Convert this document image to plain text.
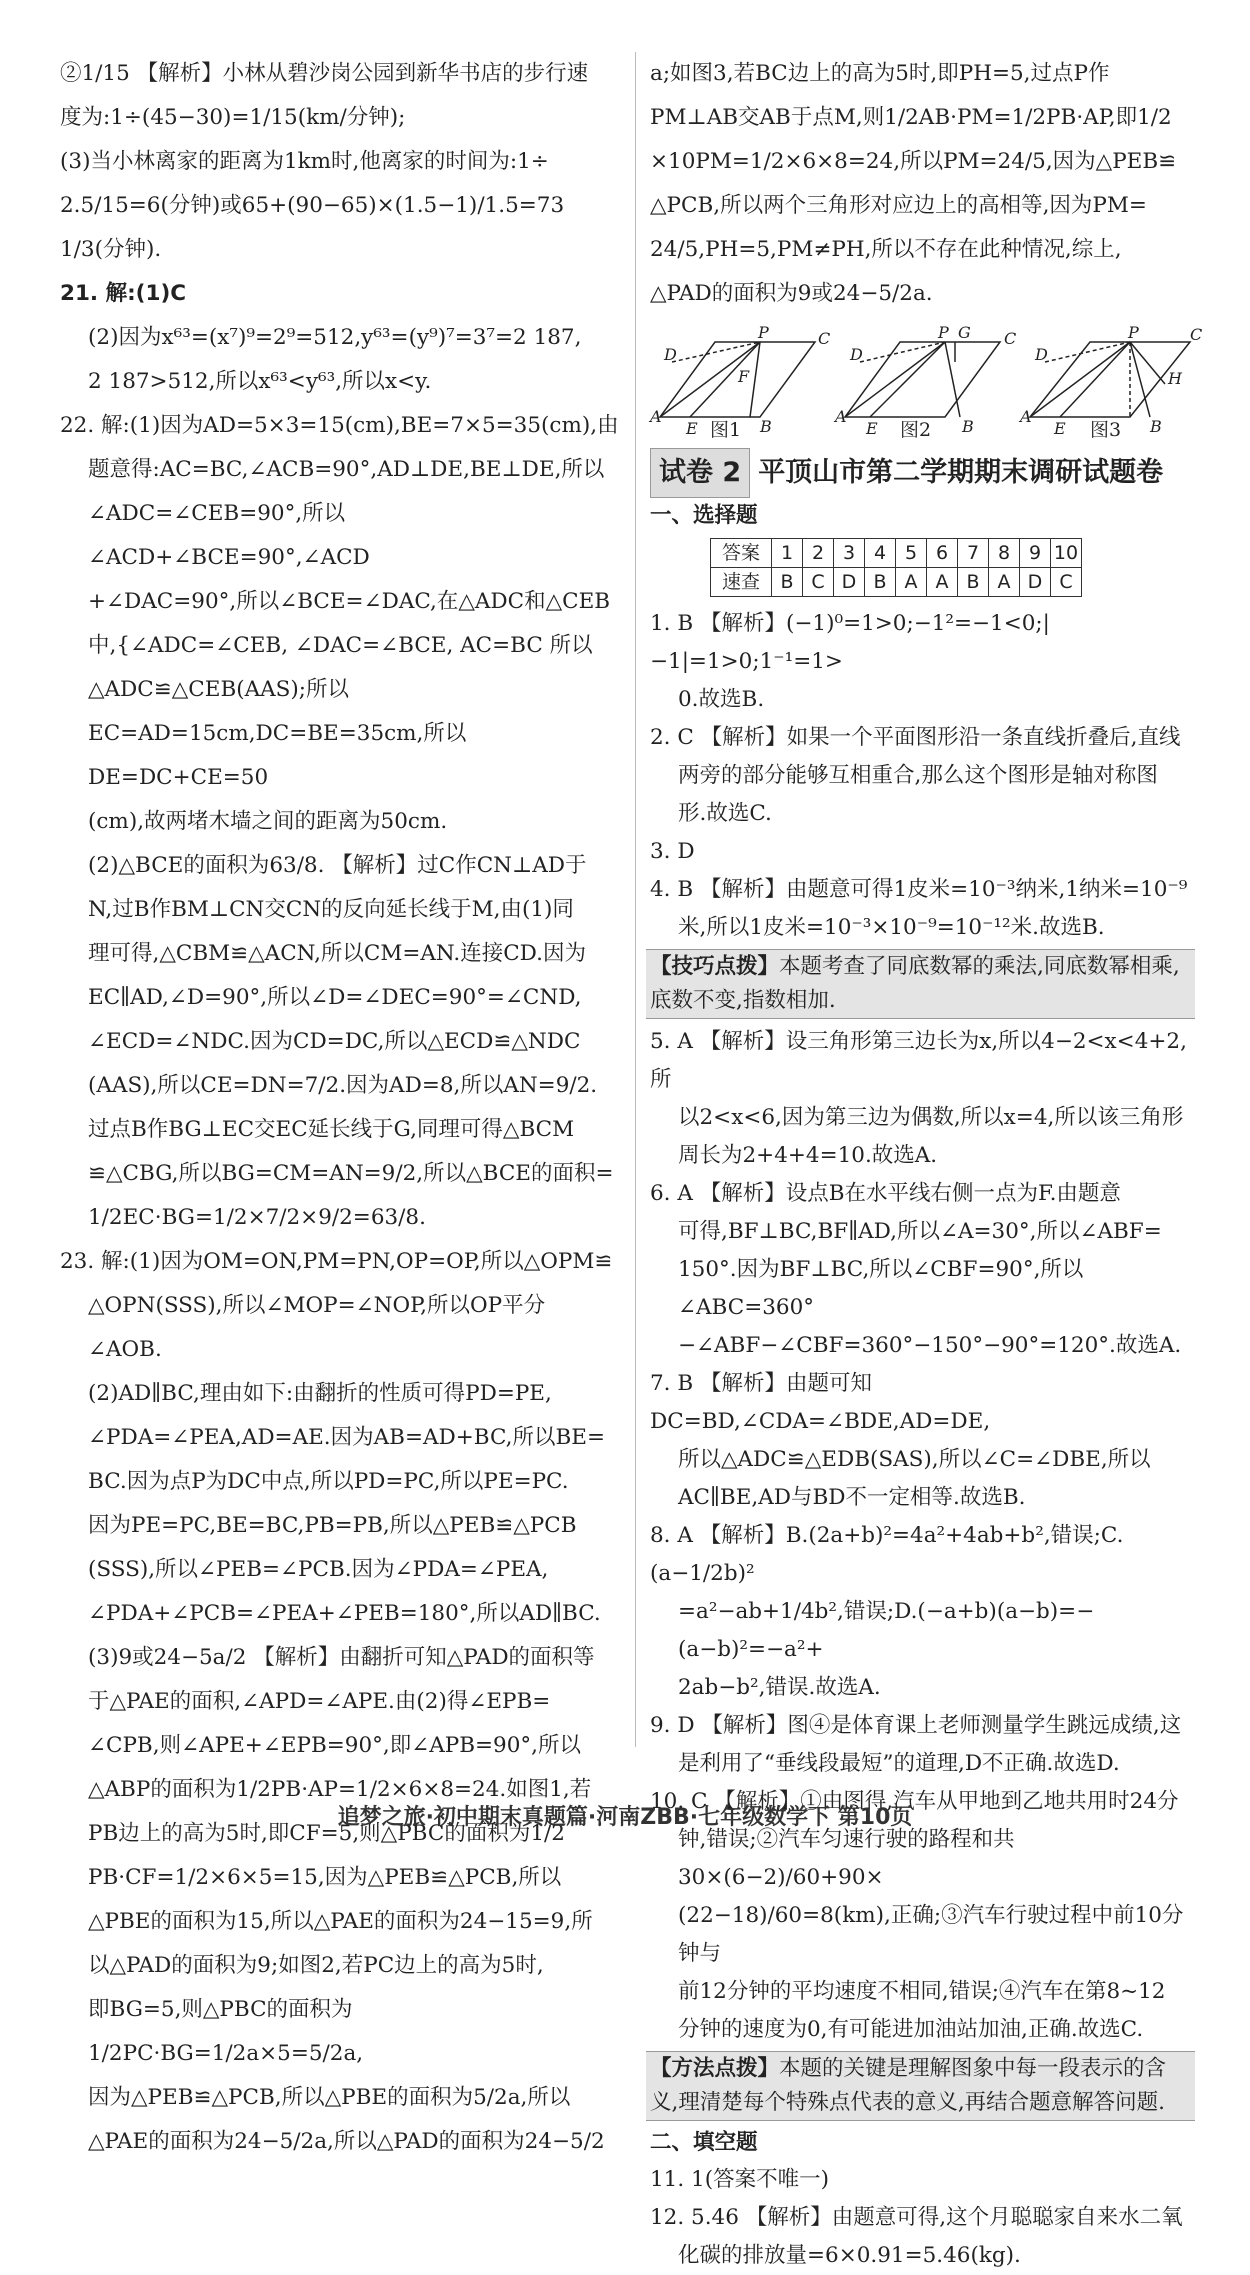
②1/15 【解析】小林从碧沙岗公园到新华书店的步行速

度为:1÷(45−30)=1/15(km/分钟);

(3)当小林离家的距离为1km时,他离家的时间为:1÷

2.5/15=6(分钟)或65+(90−65)×(1.5−1)/1.5=73 1/3(分钟).

21. 解:(1)C

(2)因为x⁶³=(x⁷)⁹=2⁹=512,y⁶³=(y⁹)⁷=3⁷=2 187,

2 187>512,所以x⁶³<y⁶³,所以x<y.

22. 解:(1)因为AD=5×3=15(cm),BE=7×5=35(cm),由

题意得:AC=BC,∠ACB=90°,AD⊥DE,BE⊥DE,所以

∠ADC=∠CEB=90°,所以∠ACD+∠BCE=90°,∠ACD

+∠DAC=90°,所以∠BCE=∠DAC,在△ADC和△CEB

中,{∠ADC=∠CEB, ∠DAC=∠BCE, AC=BC 所以△ADC≌△CEB(AAS);所以

EC=AD=15cm,DC=BE=35cm,所以DE=DC+CE=50

(cm),故两堵木墙之间的距离为50cm.

(2)△BCE的面积为63/8. 【解析】过C作CN⊥AD于

N,过B作BM⊥CN交CN的反向延长线于M,由(1)同

理可得,△CBM≌△ACN,所以CM=AN.连接CD.因为

EC∥AD,∠D=90°,所以∠D=∠DEC=90°=∠CND,

∠ECD=∠NDC.因为CD=DC,所以△ECD≌△NDC

(AAS),所以CE=DN=7/2.因为AD=8,所以AN=9/2.

过点B作BG⊥EC交EC延长线于G,同理可得△BCM

≌△CBG,所以BG=CM=AN=9/2,所以△BCE的面积=

1/2EC·BG=1/2×7/2×9/2=63/8.

23. 解:(1)因为OM=ON,PM=PN,OP=OP,所以△OPM≌

△OPN(SSS),所以∠MOP=∠NOP,所以OP平分

∠AOB.

(2)AD∥BC,理由如下:由翻折的性质可得PD=PE,

∠PDA=∠PEA,AD=AE.因为AB=AD+BC,所以BE=

BC.因为点P为DC中点,所以PD=PC,所以PE=PC.

因为PE=PC,BE=BC,PB=PB,所以△PEB≌△PCB

(SSS),所以∠PEB=∠PCB.因为∠PDA=∠PEA,

∠PDA+∠PCB=∠PEA+∠PEB=180°,所以AD∥BC.

(3)9或24−5a/2 【解析】由翻折可知△PAD的面积等

于△PAE的面积,∠APD=∠APE.由(2)得∠EPB=

∠CPB,则∠APE+∠EPB=90°,即∠APB=90°,所以

△ABP的面积为1/2PB·AP=1/2×6×8=24.如图1,若

PB边上的高为5时,即CF=5,则△PBC的面积为1/2

PB·CF=1/2×6×5=15,因为△PEB≌△PCB,所以

△PBE的面积为15,所以△PAE的面积为24−15=9,所

以△PAD的面积为9;如图2,若PC边上的高为5时,

即BG=5,则△PBC的面积为1/2PC·BG=1/2a×5=5/2a,

因为△PEB≌△PCB,所以△PBE的面积为5/2a,所以

△PAE的面积为24−5/2a,所以△PAD的面积为24−5/2

a;如图3,若BC边上的高为5时,即PH=5,过点P作

PM⊥AB交AB于点M,则1/2AB·PM=1/2PB·AP,即1/2

×10PM=1/2×6×8=24,所以PM=24/5,因为△PEB≌

△PCB,所以两个三角形对应边上的高相等,因为PM=

24/5,PH=5,PM≠PH,所以不存在此种情况,综上,

△PAD的面积为9或24−5/2a.

A
B
C
D
E
F
P
A
B
C
D
E
P G
A
B
C
D
E
P
H
图1	图2	图3
试卷 2 平顶山市第二学期期末调研试题卷

一、选择题

答案	1	2	3	4	5	6	7	8	9	10
速查	B	C	D	B	A	A	B	A	D	C

1. B 【解析】(−1)⁰=1>0;−1²=−1<0;|−1|=1>0;1⁻¹=1>

0.故选B.

2. C 【解析】如果一个平面图形沿一条直线折叠后,直线

两旁的部分能够互相重合,那么这个图形是轴对称图

形.故选C.

3. D

4. B 【解析】由题意可得1皮米=10⁻³纳米,1纳米=10⁻⁹

米,所以1皮米=10⁻³×10⁻⁹=10⁻¹²米.故选B.

【技巧点拨】本题考查了同底数幂的乘法,同底数幂相乘,底数不变,指数相加.

5. A 【解析】设三角形第三边长为x,所以4−2<x<4+2,所

以2<x<6,因为第三边为偶数,所以x=4,所以该三角形

周长为2+4+4=10.故选A.

6. A 【解析】设点B在水平线右侧一点为F.由题意

可得,BF⊥BC,BF∥AD,所以∠A=30°,所以∠ABF=

150°.因为BF⊥BC,所以∠CBF=90°,所以∠ABC=360°

−∠ABF−∠CBF=360°−150°−90°=120°.故选A.

7. B 【解析】由题可知DC=BD,∠CDA=∠BDE,AD=DE,

所以△ADC≌△EDB(SAS),所以∠C=∠DBE,所以

AC∥BE,AD与BD不一定相等.故选B.

8. A 【解析】B.(2a+b)²=4a²+4ab+b²,错误;C.(a−1/2b)²

=a²−ab+1/4b²,错误;D.(−a+b)(a−b)=−(a−b)²=−a²+

2ab−b²,错误.故选A.

9. D 【解析】图④是体育课上老师测量学生跳远成绩,这

是利用了“垂线段最短”的道理,D不正确.故选D.

10. C 【解析】①由图得,汽车从甲地到乙地共用时24分

钟,错误;②汽车匀速行驶的路程和共30×(6−2)/60+90×

(22−18)/60=8(km),正确;③汽车行驶过程中前10分钟与

前12分钟的平均速度不相同,错误;④汽车在第8~12

分钟的速度为0,有可能进加油站加油,正确.故选C.

【方法点拨】本题的关键是理解图象中每一段表示的含义,理清楚每个特殊点代表的意义,再结合题意解答问题.

二、填空题

11. 1(答案不唯一)

12. 5.46 【解析】由题意可得,这个月聪聪家自来水二氧

化碳的排放量=6×0.91=5.46(kg).

追梦之旅·初中期末真题篇·河南ZBB·七年级数学下 第10页
